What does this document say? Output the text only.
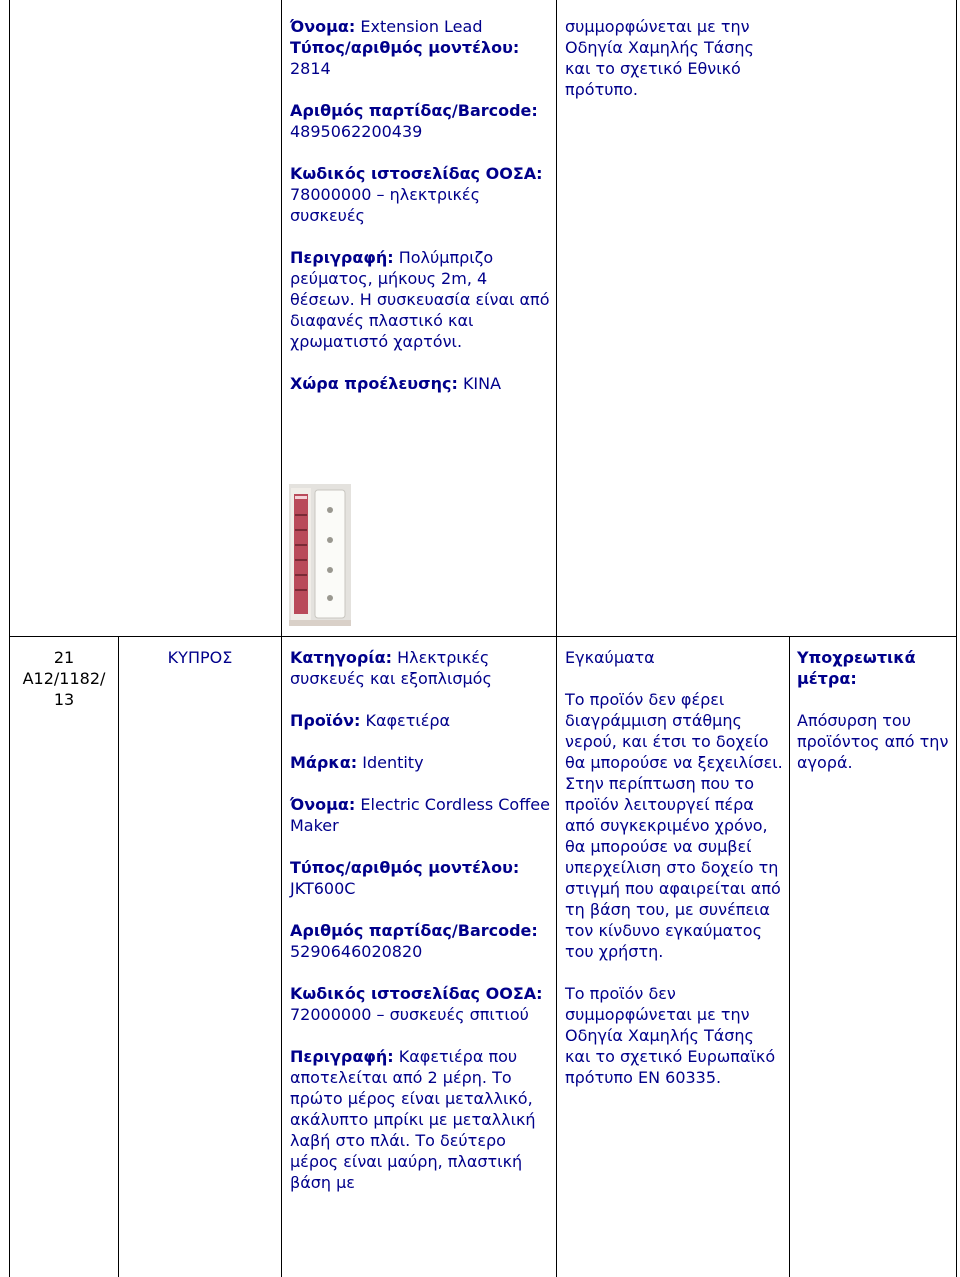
Όνομα: Extension Lead
Τύπος/αριθμός μοντέλου: 2814

Αριθμός παρτίδας/Barcode: 4895062200439

Κωδικός ιστοσελίδας ΟΟΣΑ: 78000000 – ηλεκτρικές συσκευές

Περιγραφή: Πολύμπριζο ρεύματος, μήκους 2m, 4 θέσεων. Η συσκευασία είναι από διαφανές πλαστικό και χρωματιστό χαρτόνι.

Χώρα προέλευσης: ΚΙΝΑ

συμμορφώνεται με την Οδηγία Χαμηλής Τάσης και το σχετικό Εθνικό πρότυπο.

21

A12/1182/ 13

ΚΥΠΡΟΣ	Κατηγορία: Ηλεκτρικές συσκευές και εξοπλισμός

Προϊόν: Καφετιέρα

Μάρκα: Identity

Όνομα: Electric Cordless Coffee Maker

Τύπος/αριθμός μοντέλου: JKT600C

Αριθμός παρτίδας/Barcode: 5290646020820

Κωδικός ιστοσελίδας ΟΟΣΑ: 72000000 – συσκευές σπιτιού

Περιγραφή: Καφετιέρα που αποτελείται από 2 μέρη. Το πρώτο μέρος είναι μεταλλικό, ακάλυπτο μπρίκι με μεταλλική λαβή στο πλάι. Το δεύτερο μέρος είναι μαύρη, πλαστική βάση με

Εγκαύματα

Το προϊόν δεν φέρει διαγράμμιση στάθμης νερού, και έτσι το δοχείο θα μπορούσε να ξεχειλίσει. Στην περίπτωση που το προϊόν λειτουργεί πέρα από συγκεκριμένο χρόνο, θα μπορούσε να συμβεί υπερχείλιση στο δοχείο τη στιγμή που αφαιρείται από τη βάση του, με συνέπεια τον κίνδυνο εγκαύματος του χρήστη.

Το προϊόν δεν συμμορφώνεται με την Οδηγία Χαμηλής Τάσης και το σχετικό Ευρωπαϊκό πρότυπο EN 60335.

Υποχρεωτικά μέτρα:

Απόσυρση του προϊόντος από την αγορά.
